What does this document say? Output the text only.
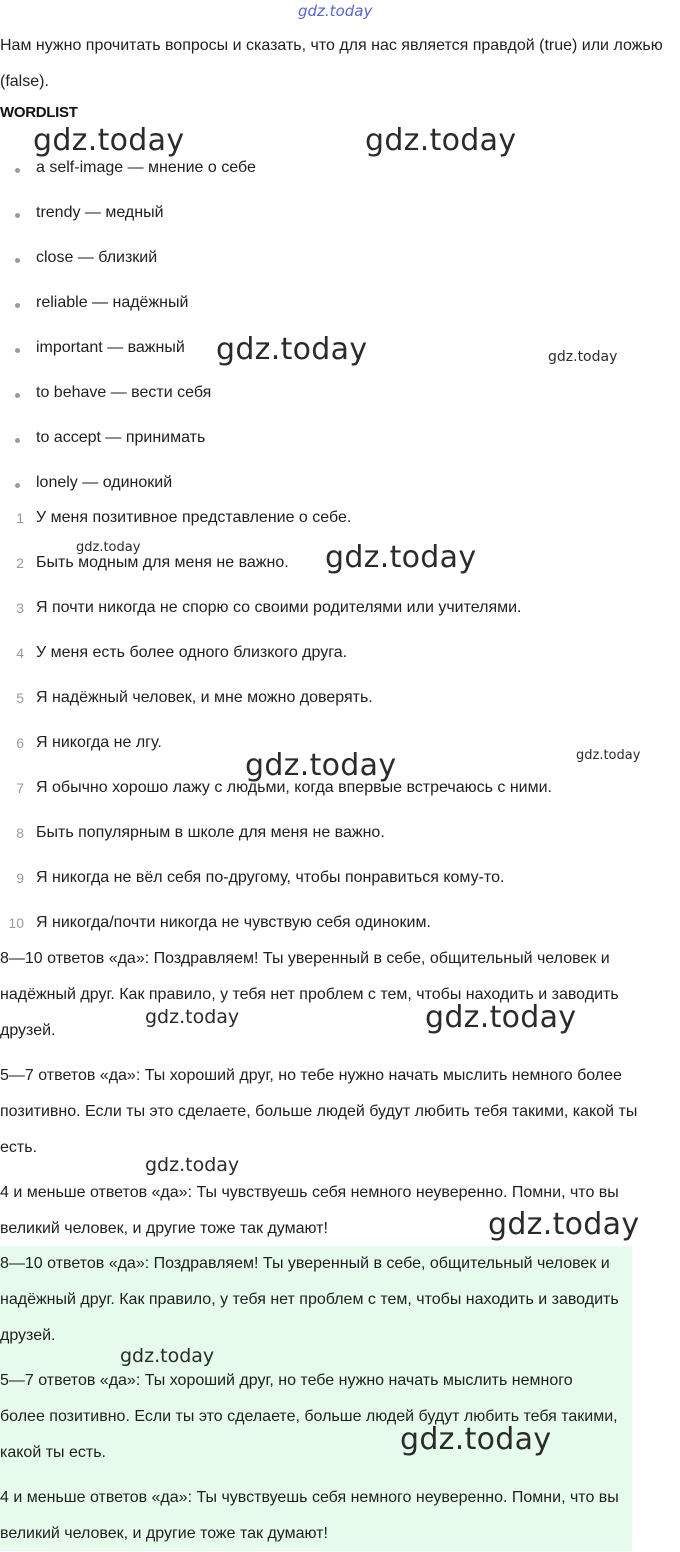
gdz.today
Нам нужно прочитать вопросы и сказать, что для нас является правдой (true) или ложью (false).
WORDLIST
a self-image — мнение о себе
trendy — медный
close — близкий
reliable — надёжный
important — важный
to behave — вести себя
to accept — принимать
lonely — одинокий
1 У меня позитивное представление о себе.
2 Быть модным для меня не важно.
3 Я почти никогда не спорю со своими родителями или учителями.
4 У меня есть более одного близкого друга.
5 Я надёжный человек, и мне можно доверять.
6 Я никогда не лгу.
7 Я обычно хорошо лажу с людьми, когда впервые встречаюсь с ними.
8 Быть популярным в школе для меня не важно.
9 Я никогда не вёл себя по-другому, чтобы понравиться кому-то.
10 Я никогда/почти никогда не чувствую себя одиноким.
8—10 ответов «да»: Поздравляем! Ты уверенный в себе, общительный человек и надёжный друг. Как правило, у тебя нет проблем с тем, чтобы находить и заводить друзей.
5—7 ответов «да»: Ты хороший друг, но тебе нужно начать мыслить немного более позитивно. Если ты это сделаете, больше людей будут любить тебя такими, какой ты есть.
4 и меньше ответов «да»: Ты чувствуешь себя немного неуверенно. Помни, что вы великий человек, и другие тоже так думают!
8—10 ответов «да»: Поздравляем! Ты уверенный в себе, общительный человек и надёжный друг. Как правило, у тебя нет проблем с тем, чтобы находить и заводить друзей.
5—7 ответов «да»: Ты хороший друг, но тебе нужно начать мыслить немного более позитивно. Если ты это сделаете, больше людей будут любить тебя такими, какой ты есть.
4 и меньше ответов «да»: Ты чувствуешь себя немного неуверенно. Помни, что вы великий человек, и другие тоже так думают!
gdz.today	gdz.today
gdz.today	gdz.today
gdz.today	gdz.today
gdz.today
gdz.today
gdz.today	gdz.today
gdz.today
gdz.today
gdz.today
gdz.today
